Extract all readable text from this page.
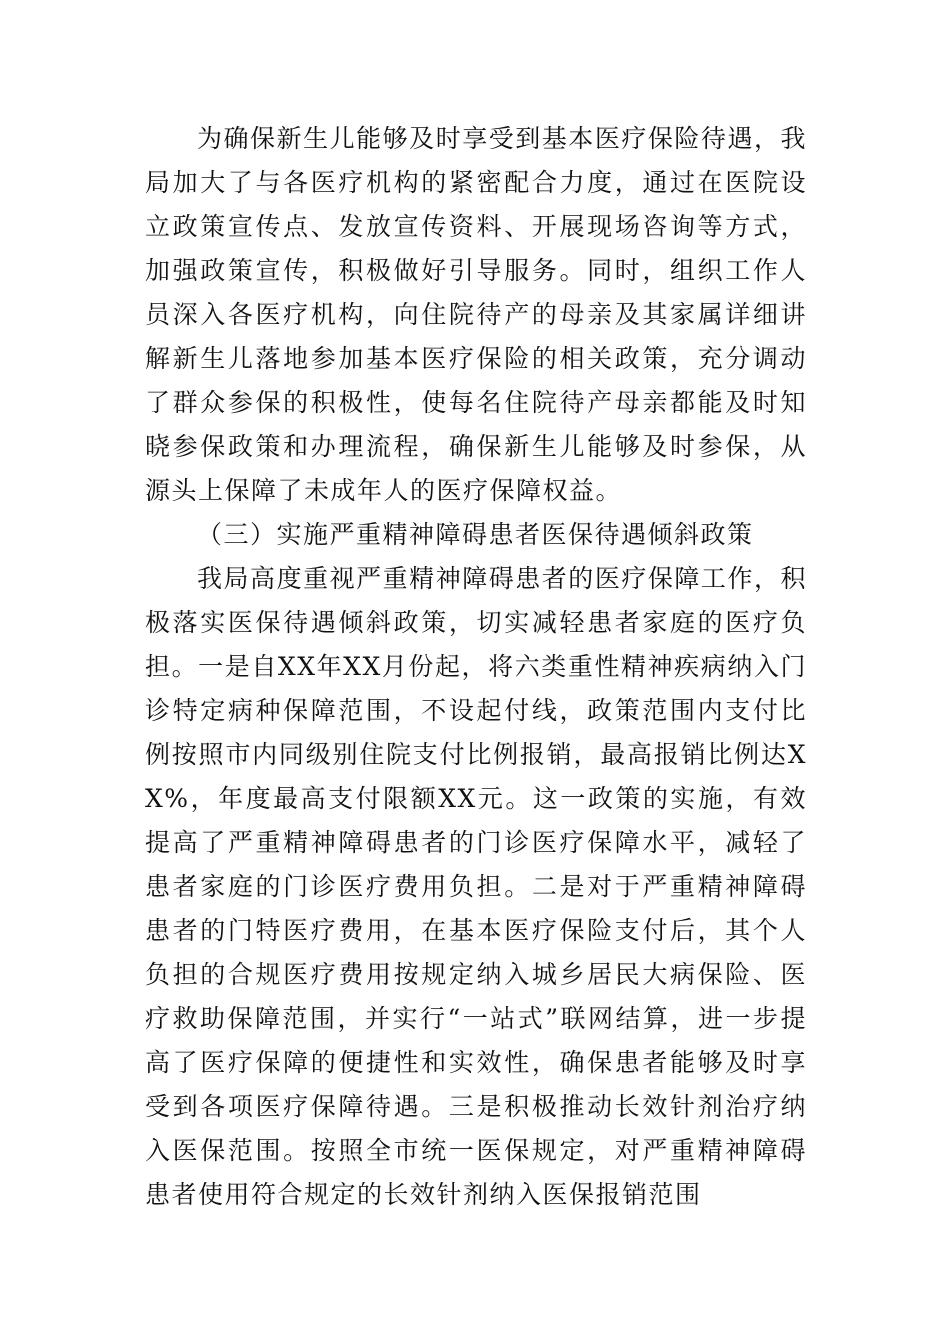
为确保新生儿能够及时享受到基本医疗保险待遇，我局加大了与各医疗机构的紧密配合力度，通过在医院设立政策宣传点、发放宣传资料、开展现场咨询等方式，加强政策宣传，积极做好引导服务。同时，组织工作人员深入各医疗机构，向住院待产的母亲及其家属详细讲解新生儿落地参加基本医疗保险的相关政策，充分调动了群众参保的积极性，使每名住院待产母亲都能及时知晓参保政策和办理流程，确保新生儿能够及时参保，从源头上保障了未成年人的医疗保障权益。

（三）实施严重精神障碍患者医保待遇倾斜政策

我局高度重视严重精神障碍患者的医疗保障工作，积极落实医保待遇倾斜政策，切实减轻患者家庭的医疗负担。一是自XX年XX月份起，将六类重性精神疾病纳入门诊特定病种保障范围，不设起付线，政策范围内支付比例按照市内同级别住院支付比例报销，最高报销比例达XX%，年度最高支付限额XX元。这一政策的实施，有效提高了严重精神障碍患者的门诊医疗保障水平，减轻了患者家庭的门诊医疗费用负担。二是对于严重精神障碍患者的门特医疗费用，在基本医疗保险支付后，其个人负担的合规医疗费用按规定纳入城乡居民大病保险、医疗救助保障范围，并实行“一站式”联网结算，进一步提高了医疗保障的便捷性和实效性，确保患者能够及时享受到各项医疗保障待遇。三是积极推动长效针剂治疗纳入医保范围。按照全市统一医保规定，对严重精神障碍患者使用符合规定的长效针剂纳入医保报销范围
